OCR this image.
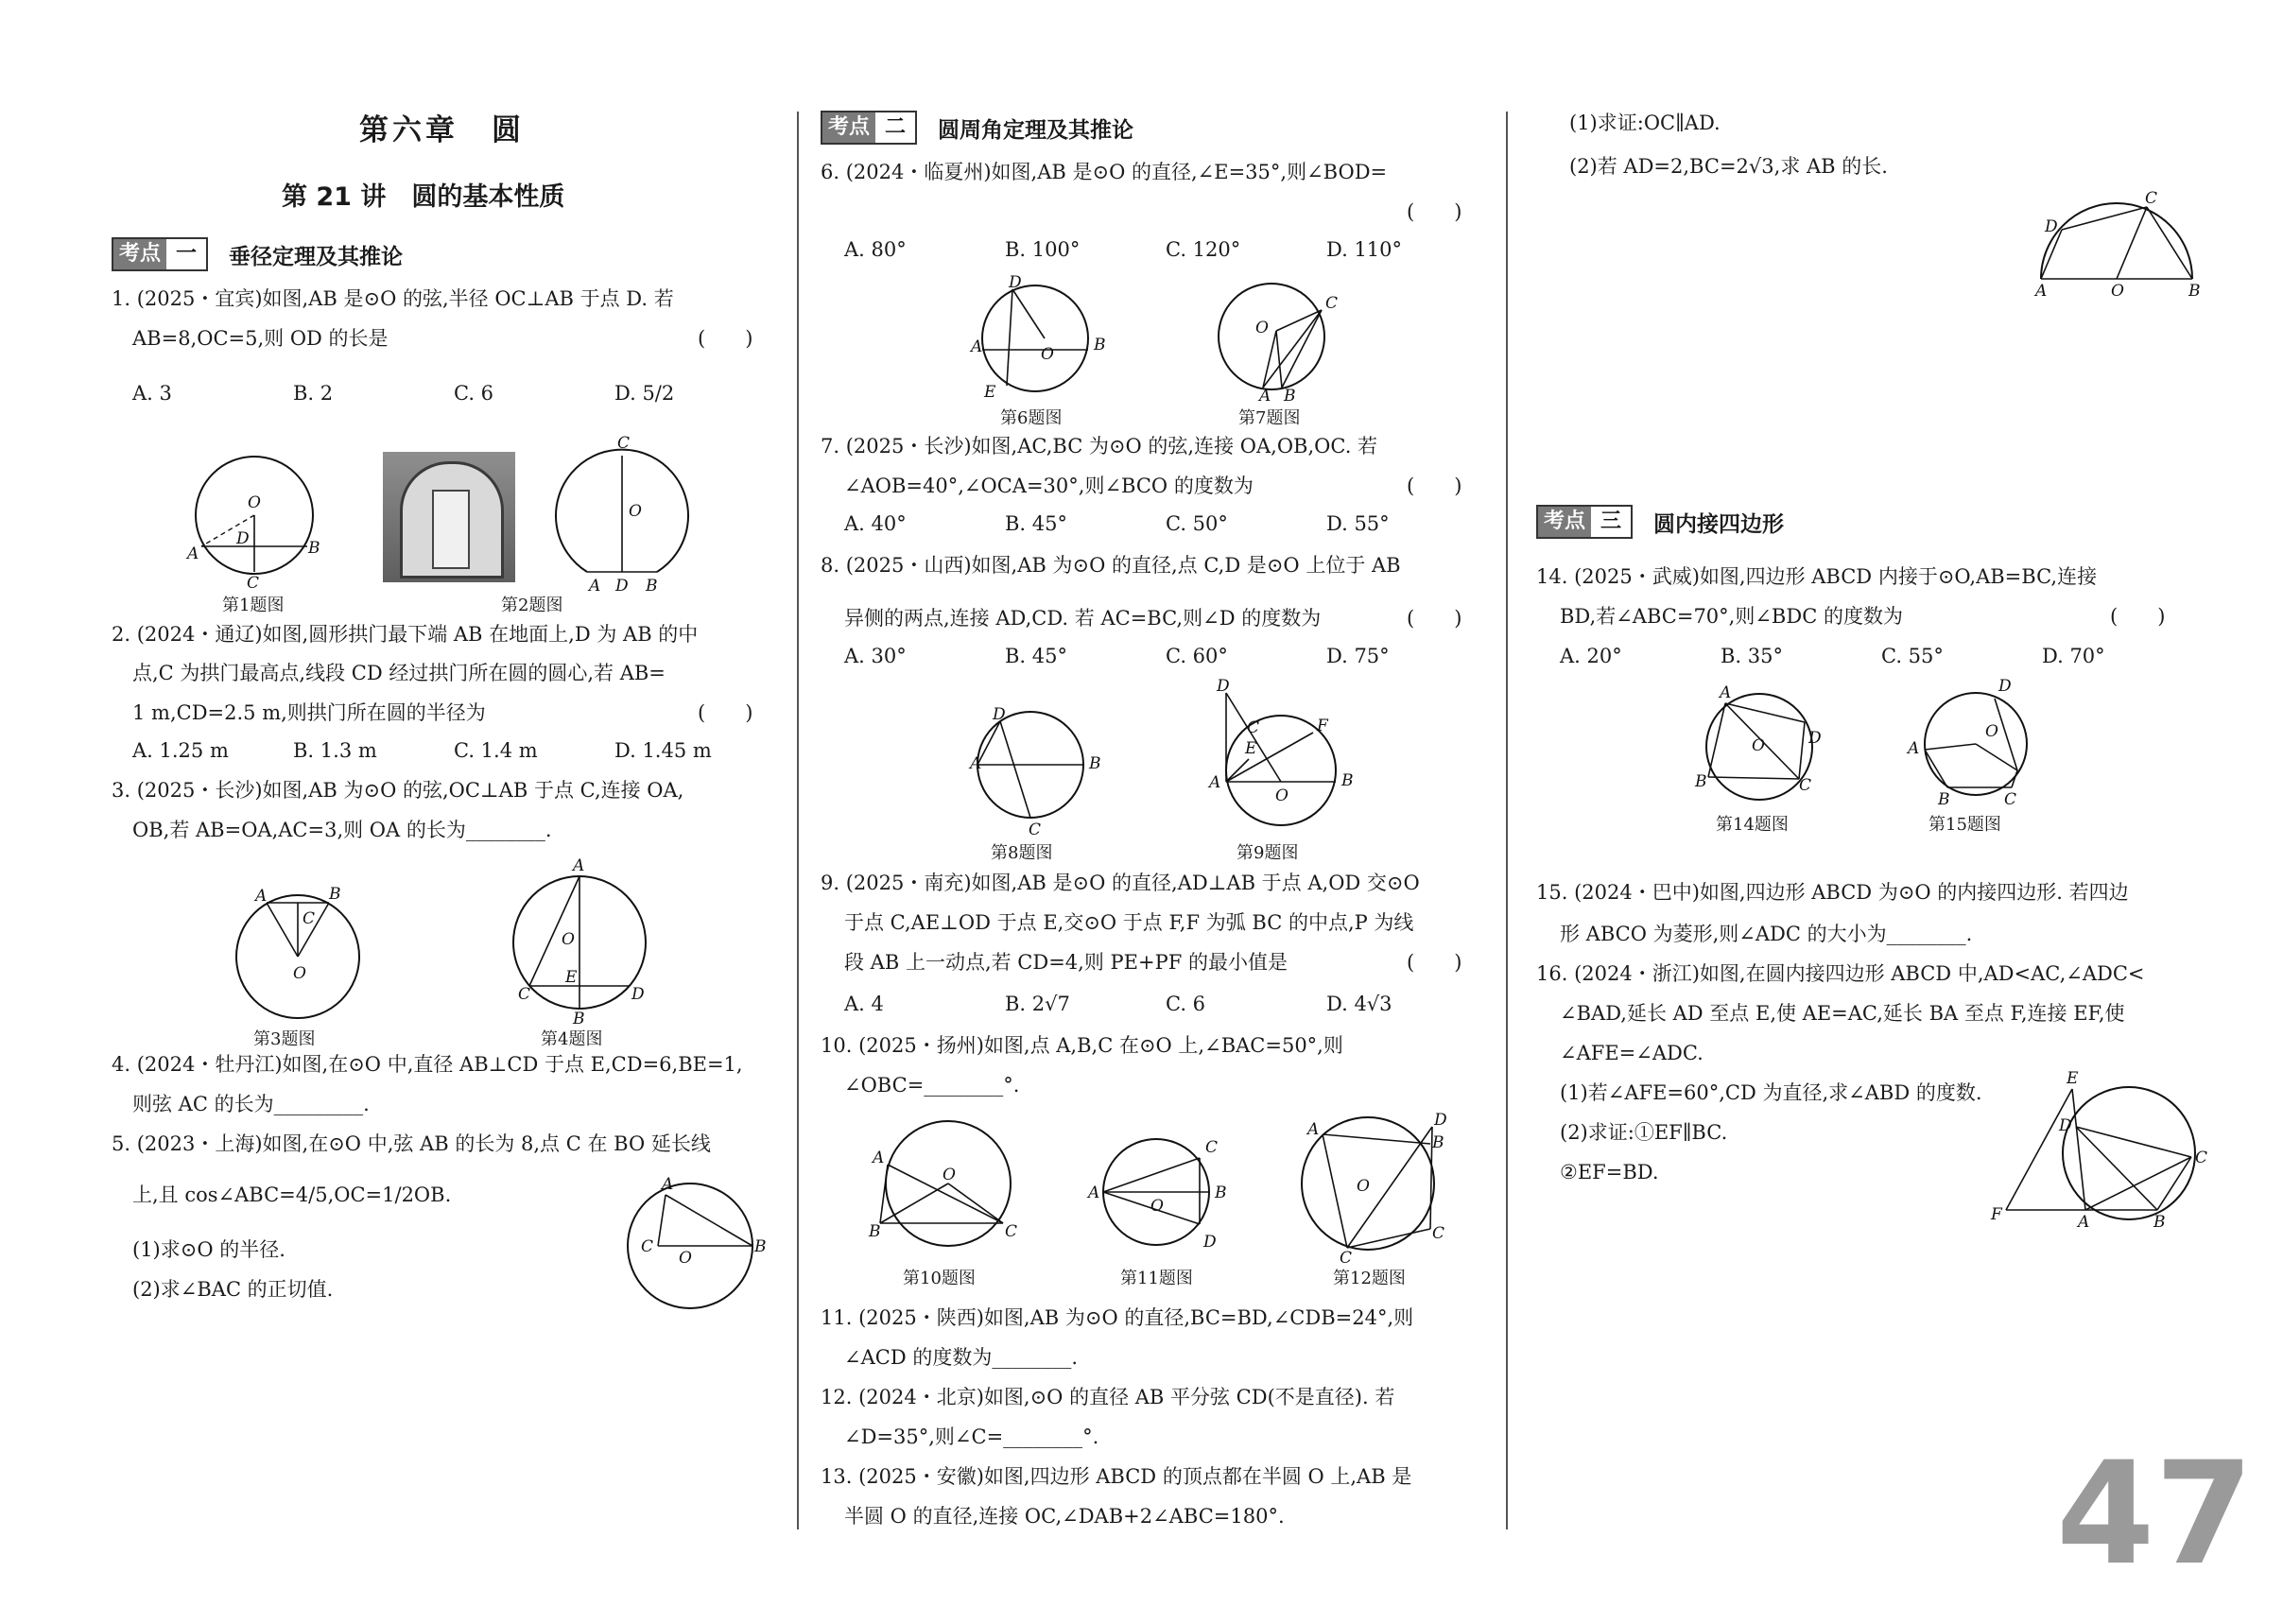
第六章　圆
第 21 讲　圆的基本性质
考点 一	垂径定理及其推论
1. (2025・宜宾)如图,AB 是⊙O 的弦,半径 OC⊥AB 于点 D. 若
AB=8,OC=5,则 OD 的长是	(　　)
A. 3	B. 2	C. 6	D. 5/2
O
A	B
D
C
C
O
A D B
第1题图	第2题图
2. (2024・通辽)如图,圆形拱门最下端 AB 在地面上,D 为 AB 的中
点,C 为拱门最高点,线段 CD 经过拱门所在圆的圆心,若 AB=
1 m,CD=2.5 m,则拱门所在圆的半径为	(　　)
A. 1.25 m	B. 1.3 m	C. 1.4 m	D. 1.45 m
3. (2025・长沙)如图,AB 为⊙O 的弦,OC⊥AB 于点 C,连接 OA,
OB,若 AB=OA,AC=3,则 OA 的长为________.
A	B
C
O
A
O
E
C	D
B
第3题图	第4题图
4. (2024・牡丹江)如图,在⊙O 中,直径 AB⊥CD 于点 E,CD=6,BE=1,
则弦 AC 的长为_________.
5. (2023・上海)如图,在⊙O 中,弦 AB 的长为 8,点 C 在 BO 延长线
上,且 cos∠ABC=4/5,OC=1/2OB.
(1)求⊙O 的半径.
(2)求∠BAC 的正切值.
A
C
O
B
考点 二	圆周角定理及其推论
6. (2024・临夏州)如图,AB 是⊙O 的直径,∠E=35°,则∠BOD=
(　　)
A. 80°	B. 100°	C. 120°	D. 110°
D
A	O B
E
O
C
A B
第6题图	第7题图
7. (2025・长沙)如图,AC,BC 为⊙O 的弦,连接 OA,OB,OC. 若
∠AOB=40°,∠OCA=30°,则∠BCO 的度数为	(　　)
A. 40°	B. 45°	C. 50°	D. 55°
8. (2025・山西)如图,AB 为⊙O 的直径,点 C,D 是⊙O 上位于 AB
异侧的两点,连接 AD,CD. 若 AC=BC,则∠D 的度数为	(　　)
A. 30°	B. 45°	C. 60°	D. 75°
A
D
B
C
D
C
E
F
A
O
B
第8题图	第9题图
9. (2025・南充)如图,AB 是⊙O 的直径,AD⊥AB 于点 A,OD 交⊙O
于点 C,AE⊥OD 于点 E,交⊙O 于点 F,F 为弧 BC 的中点,P 为线
段 AB 上一动点,若 CD=4,则 PE+PF 的最小值是	(　　)
A. 4	B. 2√7	C. 6	D. 4√3
10. (2025・扬州)如图,点 A,B,C 在⊙O 上,∠BAC=50°,则
∠OBC=________°.
A
O
B	C
A
O
C
B
D
A
O
D
B
C
C
第10题图	第11题图	第12题图
11. (2025・陕西)如图,AB 为⊙O 的直径,BC=BD,∠CDB=24°,则
∠ACD 的度数为________.
12. (2024・北京)如图,⊙O 的直径 AB 平分弦 CD(不是直径). 若
∠D=35°,则∠C=________°.
13. (2025・安徽)如图,四边形 ABCD 的顶点都在半圆 O 上,AB 是
半圆 O 的直径,连接 OC,∠DAB+2∠ABC=180°.
(1)求证:OC∥AD.
(2)若 AD=2,BC=2√3,求 AB 的长.
D
C
A	O	B
考点 三	圆内接四边形
14. (2025・武威)如图,四边形 ABCD 内接于⊙O,AB=BC,连接
BD,若∠ABC=70°,则∠BDC 的度数为	(　　)
A. 20°	B. 35°	C. 55°	D. 70°
A
O	D
C
B
D
O
A
B	C
第14题图	第15题图
15. (2024・巴中)如图,四边形 ABCD 为⊙O 的内接四边形. 若四边
形 ABCO 为菱形,则∠ADC 的大小为________.
16. (2024・浙江)如图,在圆内接四边形 ABCD 中,AD<AC,∠ADC<
∠BAD,延长 AD 至点 E,使 AE=AC,延长 BA 至点 F,连接 EF,使
∠AFE=∠ADC.
(1)若∠AFE=60°,CD 为直径,求∠ABD 的度数.
(2)求证:①EF∥BC.
②EF=BD.
E
D
F	A	B
C
47
